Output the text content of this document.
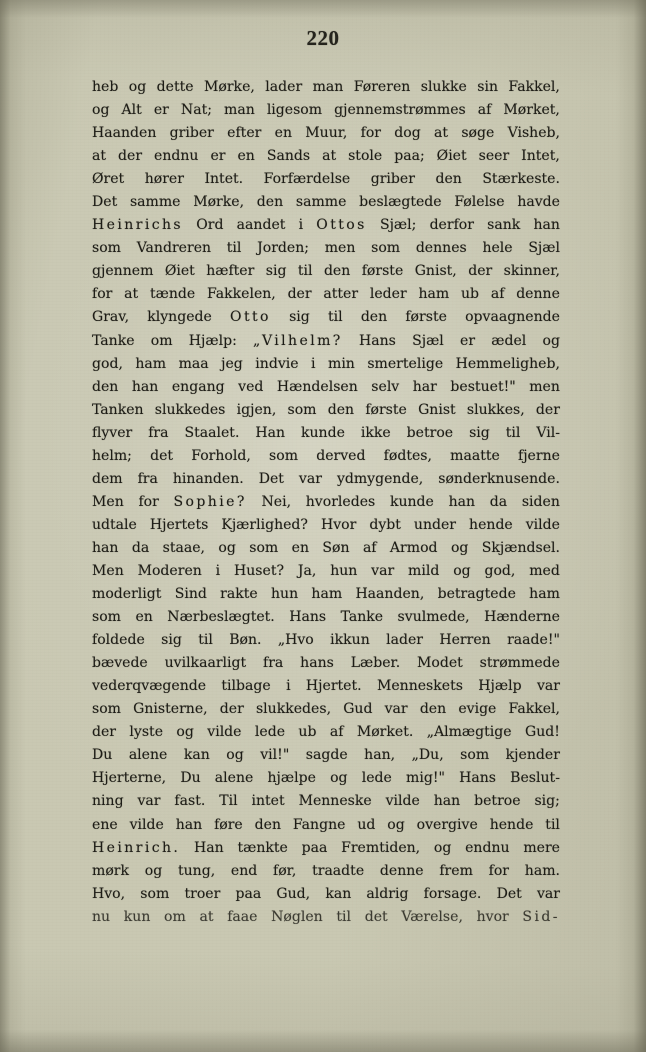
220
heb og dette Mørke, lader man Føreren slukke sin Fakkel,
og Alt er Nat; man ligesom gjennemstrømmes af Mørket,
Haanden griber efter en Muur, for dog at søge Visheb,
at der endnu er en Sands at stole paa; Øiet seer Intet,
Øret hører Intet. Forfærdelse griber den Stærkeste.
Det samme Mørke, den samme beslægtede Følelse havde
Heinrichs Ord aandet i Ottos Sjæl; derfor sank han
som Vandreren til Jorden; men som dennes hele Sjæl
gjennem Øiet hæfter sig til den første Gnist, der skinner,
for at tænde Fakkelen, der atter leder ham ub af denne
Grav, klyngede Otto sig til den første opvaagnende
Tanke om Hjælp: „Vilhelm? Hans Sjæl er ædel og
god, ham maa jeg indvie i min smertelige Hemmeligheb,
den han engang ved Hændelsen selv har bestuet!" men
Tanken slukkedes igjen, som den første Gnist slukkes, der
flyver fra Staalet. Han kunde ikke betroe sig til Vil-
helm; det Forhold, som derved fødtes, maatte fjerne
dem fra hinanden. Det var ydmygende, sønderknusende.
Men for Sophie? Nei, hvorledes kunde han da siden
udtale Hjertets Kjærlighed? Hvor dybt under hende vilde
han da staae, og som en Søn af Armod og Skjændsel.
Men Moderen i Huset? Ja, hun var mild og god, med
moderligt Sind rakte hun ham Haanden, betragtede ham
som en Nærbeslægtet. Hans Tanke svulmede, Hænderne
foldede sig til Bøn. „Hvo ikkun lader Herren raade!"
bævede uvilkaarligt fra hans Læber. Modet strømmede
vederqvægende tilbage i Hjertet. Menneskets Hjælp var
som Gnisterne, der slukkedes, Gud var den evige Fakkel,
der lyste og vilde lede ub af Mørket. „Almægtige Gud!
Du alene kan og vil!" sagde han, „Du, som kjender
Hjerterne, Du alene hjælpe og lede mig!" Hans Beslut-
ning var fast. Til intet Menneske vilde han betroe sig;
ene vilde han føre den Fangne ud og overgive hende til
Heinrich. Han tænkte paa Fremtiden, og endnu mere
mørk og tung, end før, traadte denne frem for ham.
Hvo, som troer paa Gud, kan aldrig forsage. Det var
nu kun om at faae Nøglen til det Værelse, hvor Sid-
